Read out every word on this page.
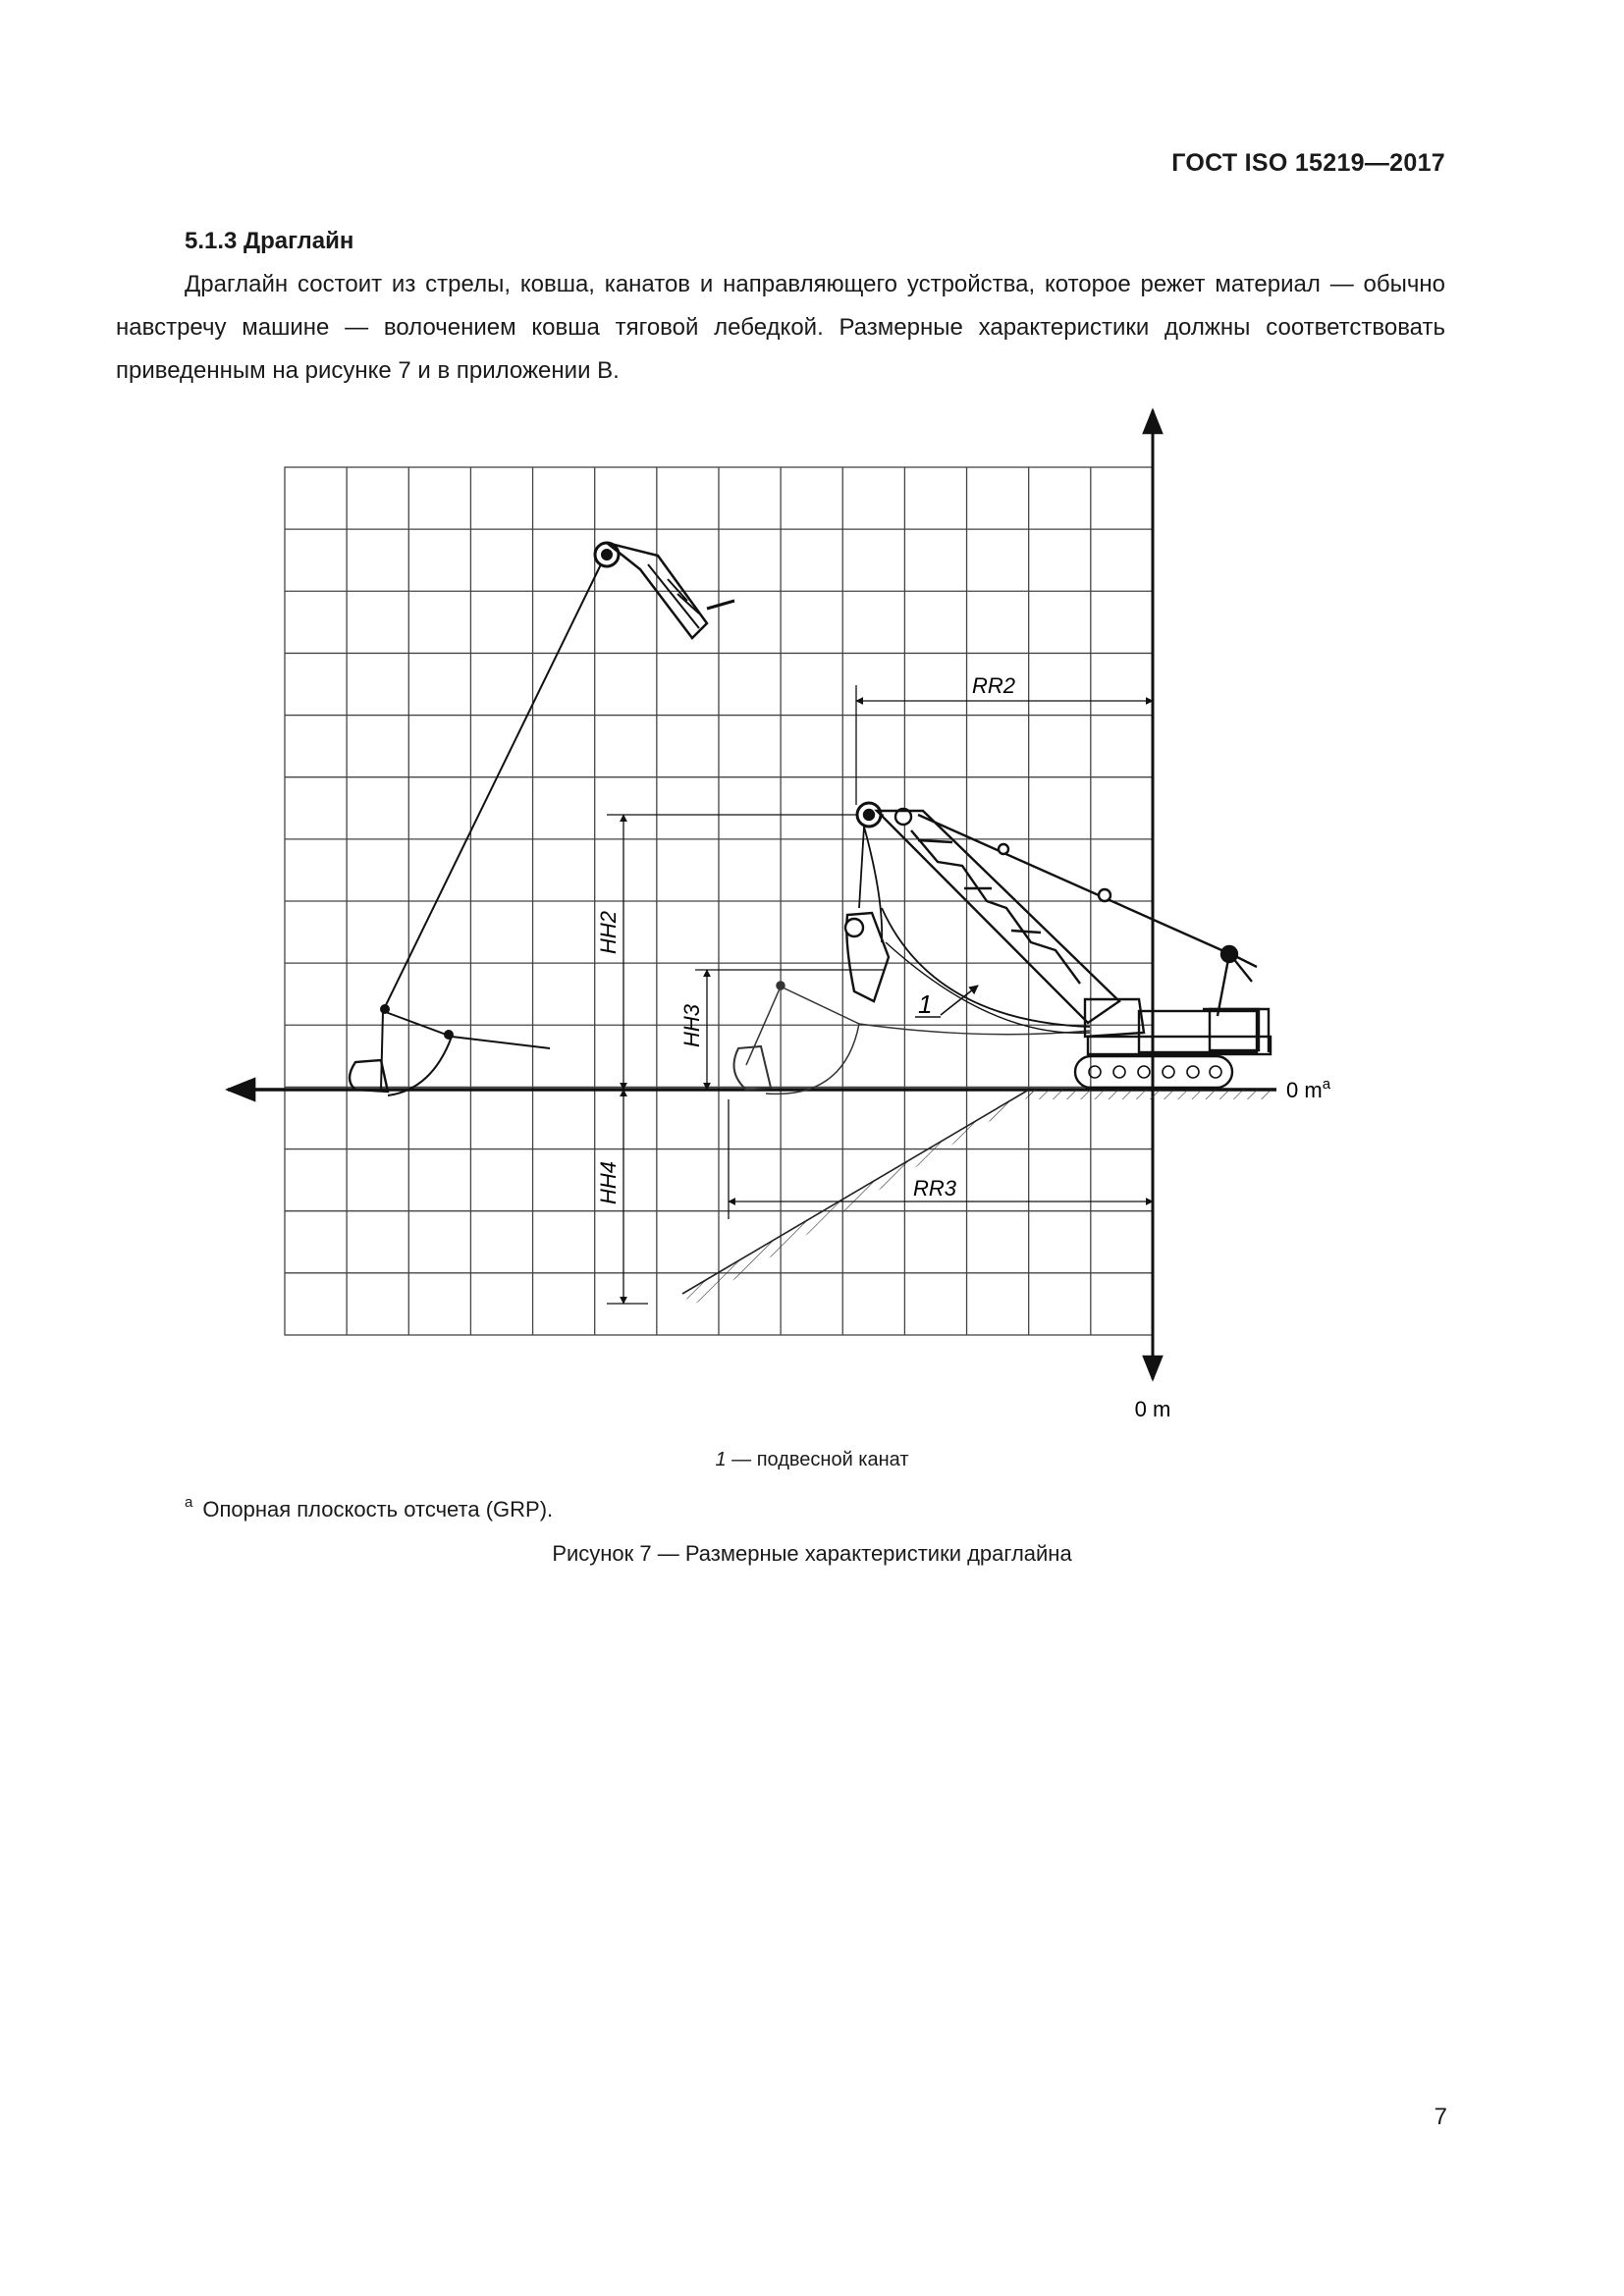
ГОСТ ISO 15219—2017
5.1.3 Драглайн
Драглайн состоит из стрелы, ковша, канатов и направляющего устройства, которое режет материал — обычно навстречу машине — волочением ковша тяговой лебедкой. Размерные характеристики должны соответствовать приведенным на рисунке 7 и в приложении В.
RR2
RR3
HH2
HH4
HH3	1
0 $m^a$
0 m
1 — подвесной канат
$^a$ Опорная плоскость отсчета (GRP).
Рисунок 7 — Размерные характеристики драглайна
7
